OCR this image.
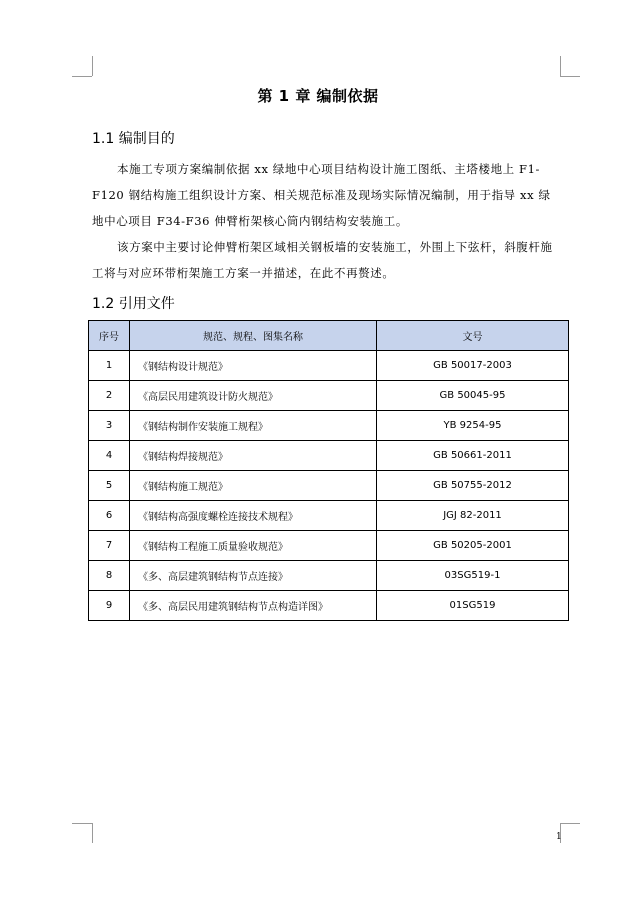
第 1 章 编制依据
1.1 编制目的
本施工专项方案编制依据 xx 绿地中心项目结构设计施工图纸、主塔楼地上 F1-F120 钢结构施工组织设计方案、相关规范标准及现场实际情况编制，用于指导 xx 绿地中心项目 F34-F36 伸臂桁架核心筒内钢结构安装施工。
该方案中主要讨论伸臂桁架区域相关钢板墙的安装施工，外围上下弦杆，斜腹杆施工将与对应环带桁架施工方案一并描述，在此不再赘述。
1.2 引用文件
序号	规范、规程、图集名称	文号
1	《钢结构设计规范》	GB 50017-2003
2	《高层民用建筑设计防火规范》	GB 50045-95
3	《钢结构制作安装施工规程》	YB 9254-95
4	《钢结构焊接规范》	GB 50661-2011
5	《钢结构施工规范》	GB 50755-2012
6	《钢结构高强度螺栓连接技术规程》	JGJ 82-2011
7	《钢结构工程施工质量验收规范》	GB 50205-2001
8	《多、高层建筑钢结构节点连接》	03SG519-1
9	《多、高层民用建筑钢结构节点构造详图》	01SG519
1
